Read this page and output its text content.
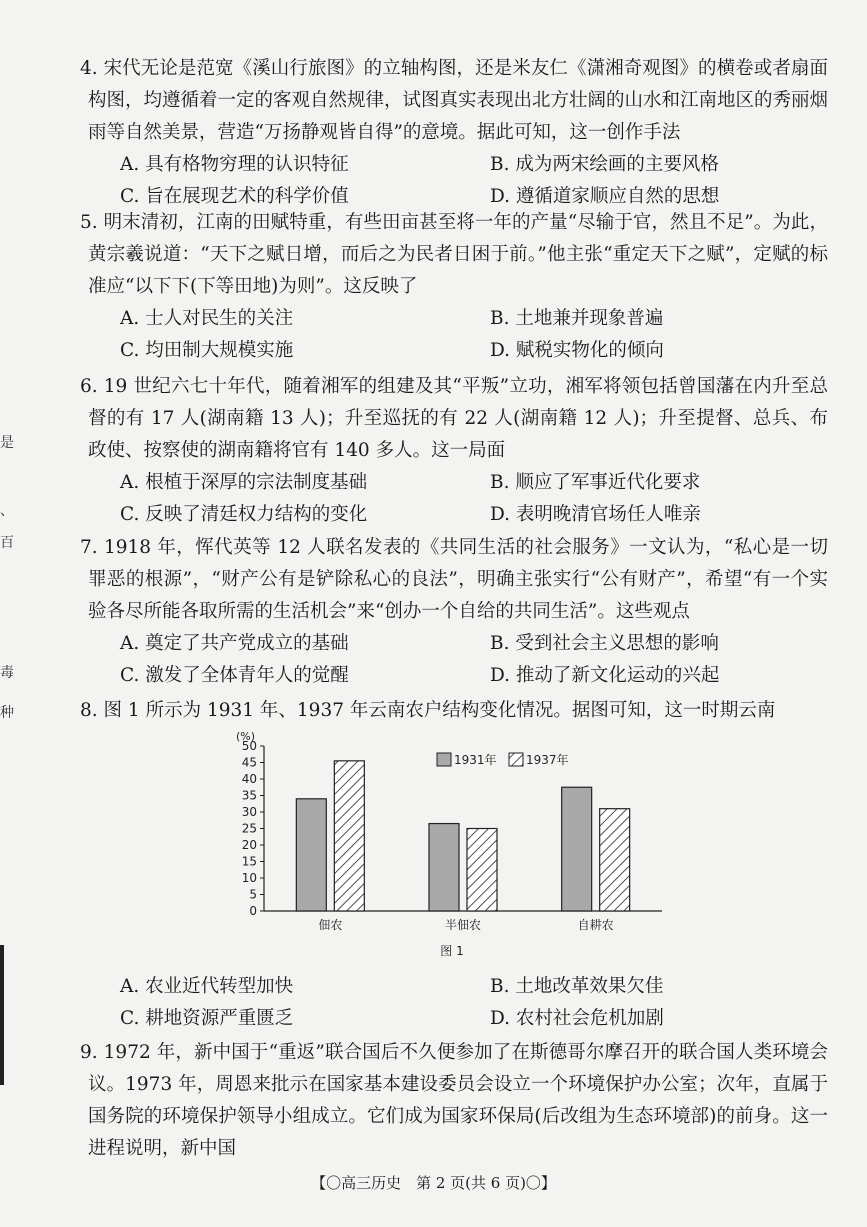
是
、
百
毒
种
4. 宋代无论是范宽《溪山行旅图》的立轴构图，还是米友仁《潇湘奇观图》的横卷或者扇面构图，均遵循着一定的客观自然规律，试图真实表现出北方壮阔的山水和江南地区的秀丽烟雨等自然美景，营造“万扬静观皆自得”的意境。据此可知，这一创作手法
A. 具有格物穷理的认识特征	B. 成为两宋绘画的主要风格
C. 旨在展现艺术的科学价值	D. 遵循道家顺应自然的思想
5. 明末清初，江南的田赋特重，有些田亩甚至将一年的产量“尽输于官，然且不足”。为此，黄宗羲说道：“天下之赋日增，而后之为民者日困于前。”他主张“重定天下之赋”，定赋的标准应“以下下(下等田地)为则”。这反映了
A. 士人对民生的关注	B. 土地兼并现象普遍
C. 均田制大规模实施	D. 赋税实物化的倾向
6. 19 世纪六七十年代，随着湘军的组建及其“平叛”立功，湘军将领包括曾国藩在内升至总督的有 17 人(湖南籍 13 人)；升至巡抚的有 22 人(湖南籍 12 人)；升至提督、总兵、布政使、按察使的湖南籍将官有 140 多人。这一局面
A. 根植于深厚的宗法制度基础	B. 顺应了军事近代化要求
C. 反映了清廷权力结构的变化	D. 表明晚清官场任人唯亲
7. 1918 年，恽代英等 12 人联名发表的《共同生活的社会服务》一文认为，“私心是一切罪恶的根源”，“财产公有是铲除私心的良法”，明确主张实行“公有财产”，希望“有一个实验各尽所能各取所需的生活机会”来“创办一个自给的共同生活”。这些观点
A. 奠定了共产党成立的基础	B. 受到社会主义思想的影响
C. 激发了全体青年人的觉醒	D. 推动了新文化运动的兴起
8. 图 1 所示为 1931 年、1937 年云南农户结构变化情况。据图可知，这一时期云南
(%)
0
5
10
15
20
25
30
35
40
45
50
佃农	半佃农	自耕农
图 1
1931年 1937年
A. 农业近代转型加快	B. 土地改革效果欠佳
C. 耕地资源严重匮乏	D. 农村社会危机加剧
9. 1972 年，新中国于“重返”联合国后不久便参加了在斯德哥尔摩召开的联合国人类环境会议。1973 年，周恩来批示在国家基本建设委员会设立一个环境保护办公室；次年，直属于国务院的环境保护领导小组成立。它们成为国家环保局(后改组为生态环境部)的前身。这一进程说明，新中国
【〇高三历史　第 2 页(共 6 页)〇】
